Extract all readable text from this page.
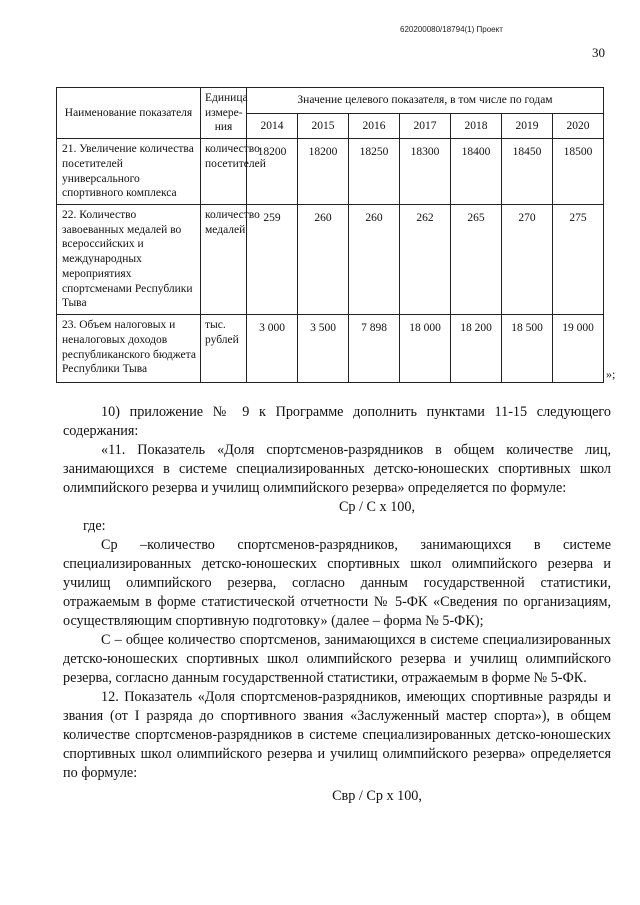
620200080/18794(1) Проект
30
Наименование показателя	Единица измере-ния	Значение целевого показателя, в том числе по годам						
		2014	2015	2016	2017	2018	2019	2020
21. Увеличение количества посетителей универсального спортивного комплекса	количество посетителей	18200	18200	18250	18300	18400	18450	18500
22. Количество завоеванных медалей во всероссийских и международных мероприятиях спортсменами Республики Тыва	количество медалей	259	260	260	262	265	270	275
23. Объем налоговых и неналоговых доходов республиканского бюджета Республики Тыва	тыс. рублей	3 000	3 500	7 898	18 000	18 200	18 500	19 000
»;

10) приложение № 9 к Программе дополнить пунктами 11-15 следующего содержания:

«11. Показатель «Доля спортсменов-разрядников в общем количестве лиц, занимающихся в системе специализированных детско-юношеских спортивных школ олимпийского резерва и училищ олимпийского резерва» определяется по формуле:

Ср / С х 100,

где:

Ср –количество спортсменов-разрядников, занимающихся в системе специализированных детско-юношеских спортивных школ олимпийского резерва и училищ олимпийского резерва, согласно данным государственной статистики, отражаемым в форме статистической отчетности № 5-ФК «Сведения по организациям, осуществляющим спортивную подготовку» (далее – форма № 5-ФК);

С – общее количество спортсменов, занимающихся в системе специализированных детско-юношеских спортивных школ олимпийского резерва и училищ олимпийского резерва, согласно данным государственной статистики, отражаемым в форме № 5-ФК.

12. Показатель «Доля спортсменов-разрядников, имеющих спортивные разряды и звания (от I разряда до спортивного звания «Заслуженный мастер спорта»), в общем количестве спортсменов-разрядников в системе специализированных детско-юношеских спортивных школ олимпийского резерва и училищ олимпийского резерва» определяется по формуле:

Свр / Ср х 100,
